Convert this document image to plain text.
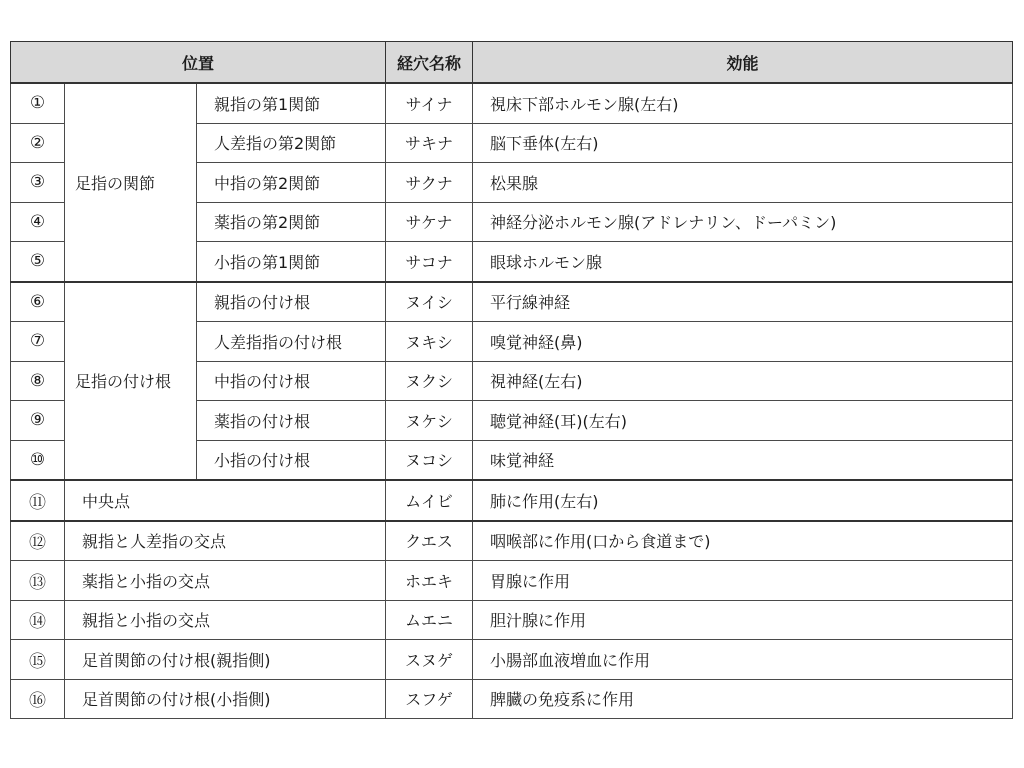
位置			経穴名称	効能
①	足指の関節	親指の第1関節	サイナ	視床下部ホルモン腺(左右)
②		人差指の第2関節	サキナ	脳下垂体(左右)
③		中指の第2関節	サクナ	松果腺
④		薬指の第2関節	サケナ	神経分泌ホルモン腺(アドレナリン、ドーパミン)
⑤		小指の第1関節	サコナ	眼球ホルモン腺
⑥	足指の付け根	親指の付け根	ヌイシ	平行線神経
⑦		人差指指の付け根	ヌキシ	嗅覚神経(鼻)
⑧		中指の付け根	ヌクシ	視神経(左右)
⑨		薬指の付け根	ヌケシ	聴覚神経(耳)(左右)
⑩		小指の付け根	ヌコシ	味覚神経
⑪	中央点		ムイビ	肺に作用(左右)
⑫	親指と人差指の交点		クエス	咽喉部に作用(口から食道まで)
⑬	薬指と小指の交点		ホエキ	胃腺に作用
⑭	親指と小指の交点		ムエニ	胆汁腺に作用
⑮	足首関節の付け根(親指側)		スヌゲ	小腸部血液増血に作用
⑯	足首関節の付け根(小指側)		スフゲ	脾臓の免疫系に作用
